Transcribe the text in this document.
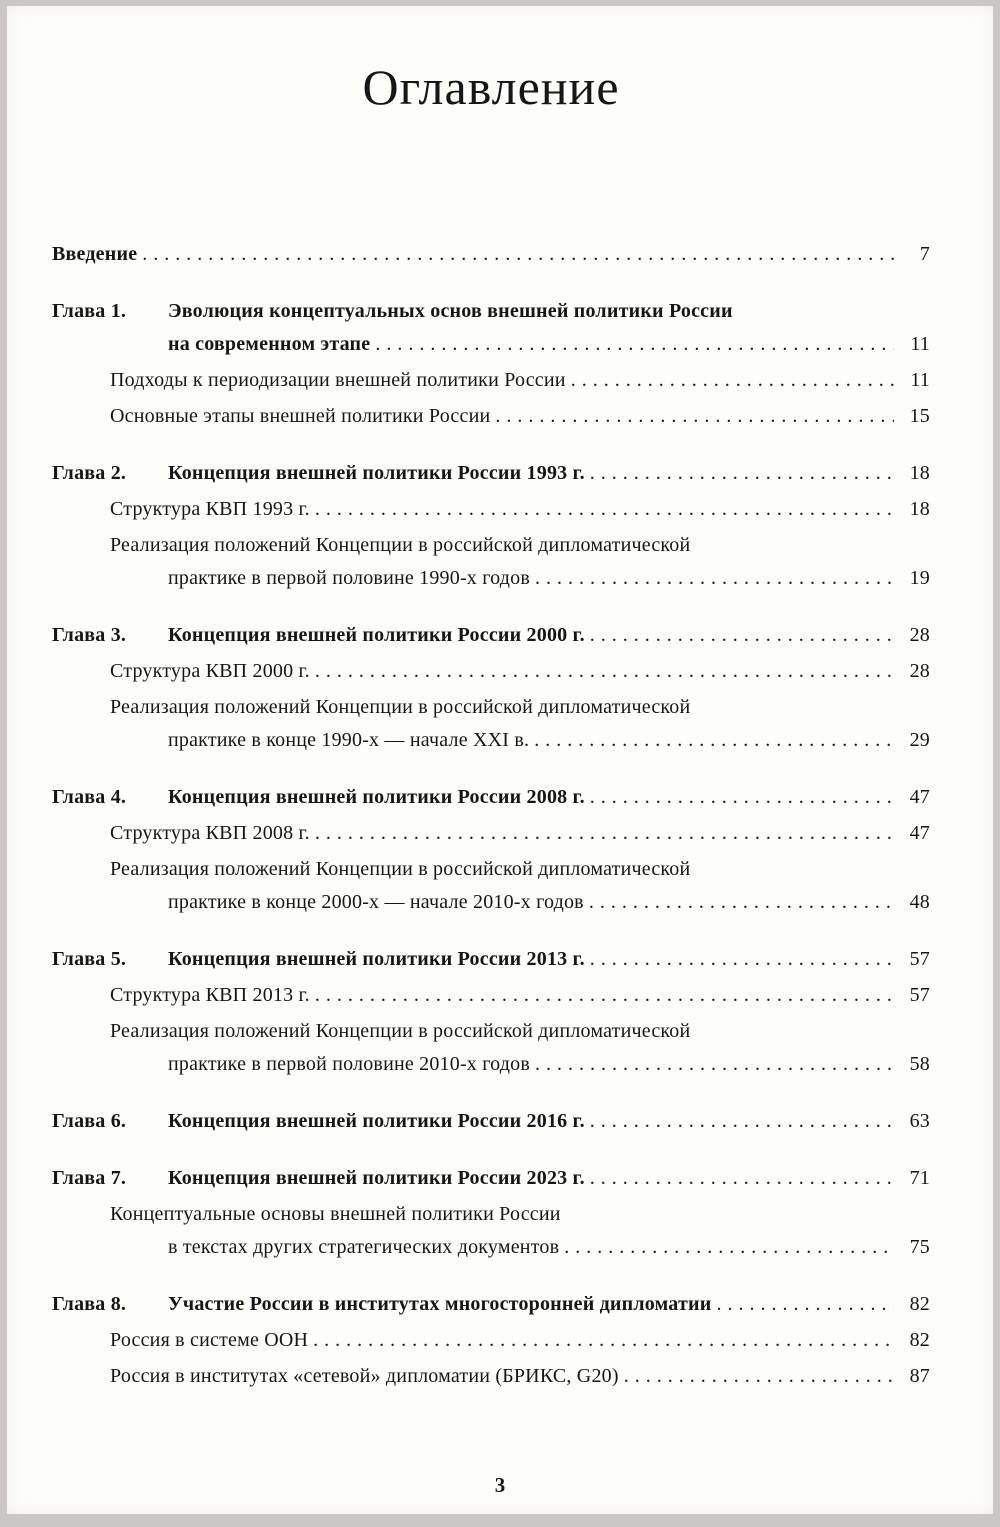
Оглавление
Введение .....	7
Глава 1. Эволюция концептуальных основ внешней политики России
на современном этапе .....	11
Подходы к периодизации внешней политики России .....	11
Основные этапы внешней политики России .....	15
Глава 2. Концепция внешней политики России 1993 г. .....	18
Структура КВП 1993 г. .....	18
Реализация положений Концепции в российской дипломатической
практике в первой половине 1990-х годов .....	19
Глава 3. Концепция внешней политики России 2000 г. .....	28
Структура КВП 2000 г. .....	28
Реализация положений Концепции в российской дипломатической
практике в конце 1990-х — начале XXI в. .....	29
Глава 4. Концепция внешней политики России 2008 г. .....	47
Структура КВП 2008 г. .....	47
Реализация положений Концепции в российской дипломатической
практике в конце 2000-х — начале 2010-х годов .....	48
Глава 5. Концепция внешней политики России 2013 г. .....	57
Структура КВП 2013 г. .....	57
Реализация положений Концепции в российской дипломатической
практике в первой половине 2010-х годов .....	58
Глава 6. Концепция внешней политики России 2016 г. .....	63
Глава 7. Концепция внешней политики России 2023 г. .....	71
Концептуальные основы внешней политики России
в текстах других стратегических документов .....	75
Глава 8. Участие России в институтах многосторонней дипломатии .....	82
Россия в системе ООН .....	82
Россия в институтах «сетевой» дипломатии (БРИКС, G20) .....	87
3
